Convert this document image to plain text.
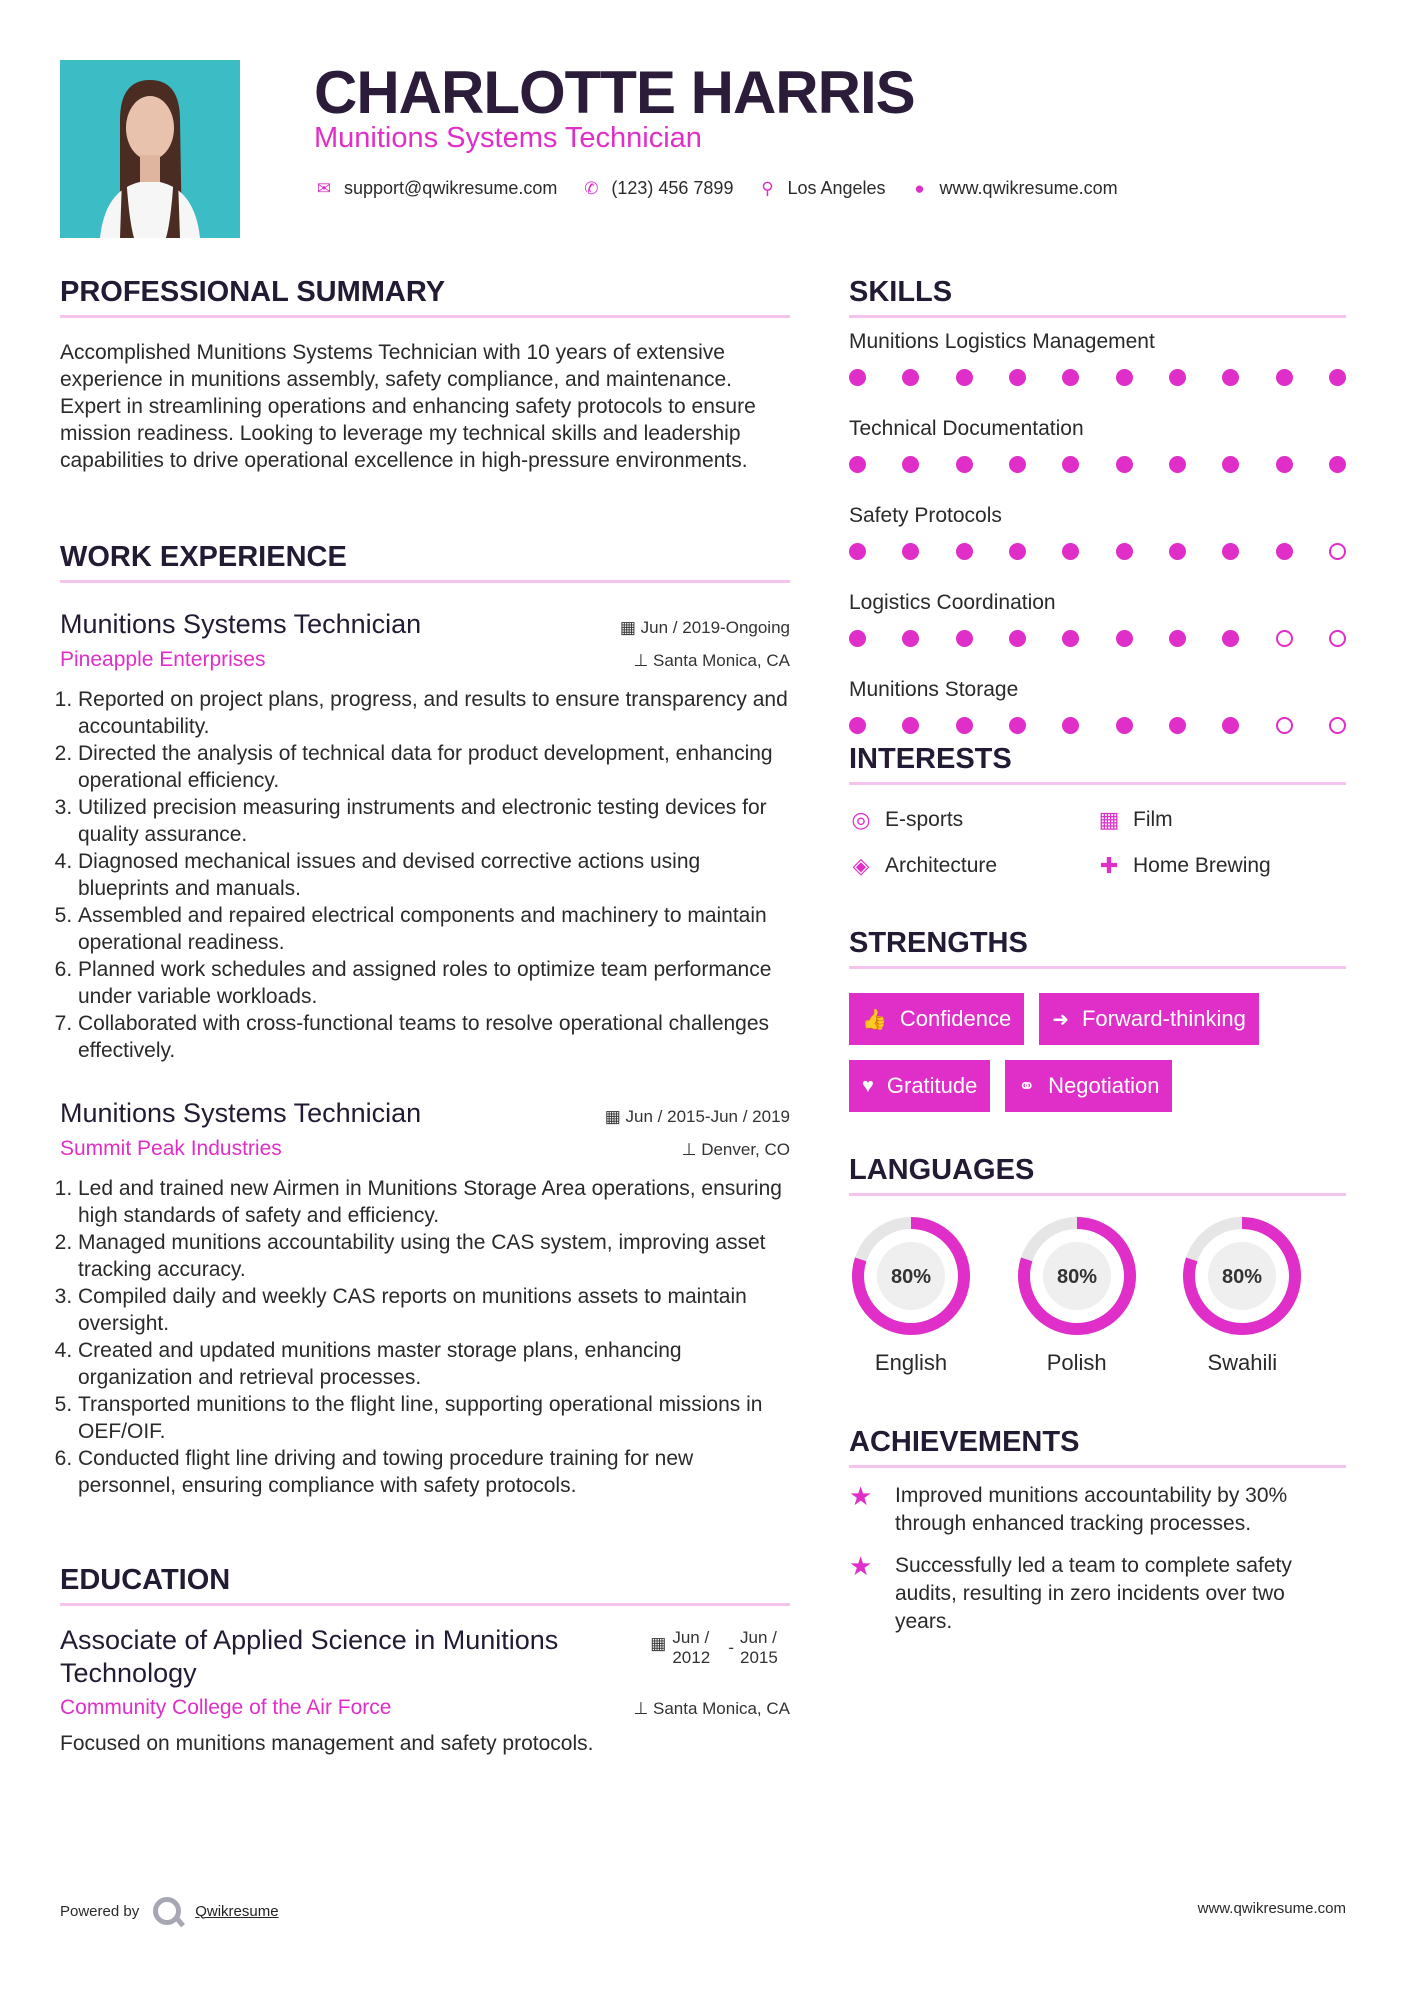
CHARLOTTE HARRIS
Munitions Systems Technician
✉ support@qwikresume.com ✆ (123) 456 7899 ⚲ Los Angeles ● www.qwikresume.com
PROFESSIONAL SUMMARY

Accomplished Munitions Systems Technician with 10 years of extensive experience in munitions assembly, safety compliance, and maintenance. Expert in streamlining operations and enhancing safety protocols to ensure mission readiness. Looking to leverage my technical skills and leadership capabilities to drive operational excellence in high-pressure environments.

WORK EXPERIENCE
Munitions Systems Technician	▦ Jun / 2019-Ongoing
Pineapple Enterprises	⊥ Santa Monica, CA
1. Reported on project plans, progress, and results to ensure transparency and accountability.
2. Directed the analysis of technical data for product development, enhancing operational efficiency.
3. Utilized precision measuring instruments and electronic testing devices for quality assurance.
4. Diagnosed mechanical issues and devised corrective actions using blueprints and manuals.
5. Assembled and repaired electrical components and machinery to maintain operational readiness.
6. Planned work schedules and assigned roles to optimize team performance under variable workloads.
7. Collaborated with cross-functional teams to resolve operational challenges effectively.
Munitions Systems Technician	▦ Jun / 2015-Jun / 2019
Summit Peak Industries	⊥ Denver, CO
1. Led and trained new Airmen in Munitions Storage Area operations, ensuring high standards of safety and efficiency.
2. Managed munitions accountability using the CAS system, improving asset tracking accuracy.
3. Compiled daily and weekly CAS reports on munitions assets to maintain oversight.
4. Created and updated munitions master storage plans, enhancing organization and retrieval processes.
5. Transported munitions to the flight line, supporting operational missions in OEF/OIF.
6. Conducted flight line driving and towing procedure training for new personnel, ensuring compliance with safety protocols.
EDUCATION
Associate of Applied Science in Munitions Technology
▦ Jun / 2012
-
Jun / 2015
Community College of the Air Force	⊥ Santa Monica, CA

Focused on munitions management and safety protocols.

SKILLS
Munitions Logistics Management
Technical Documentation
Safety Protocols
Logistics Coordination
Munitions Storage
INTERESTS
◎ E-sports	▦ Film
◈ Architecture	✚ Home Brewing
STRENGTHS
👍 Confidence ➜ Forward-thinking
♥ Gratitude ⚭ Negotiation
LANGUAGES
80%
English
80%
Polish
80%
Swahili
ACHIEVEMENTS
★	Improved munitions accountability by 30% through enhanced tracking processes.
★	Successfully led a team to complete safety audits, resulting in zero incidents over two years.
Powered by	Qwikresume	www.qwikresume.com
